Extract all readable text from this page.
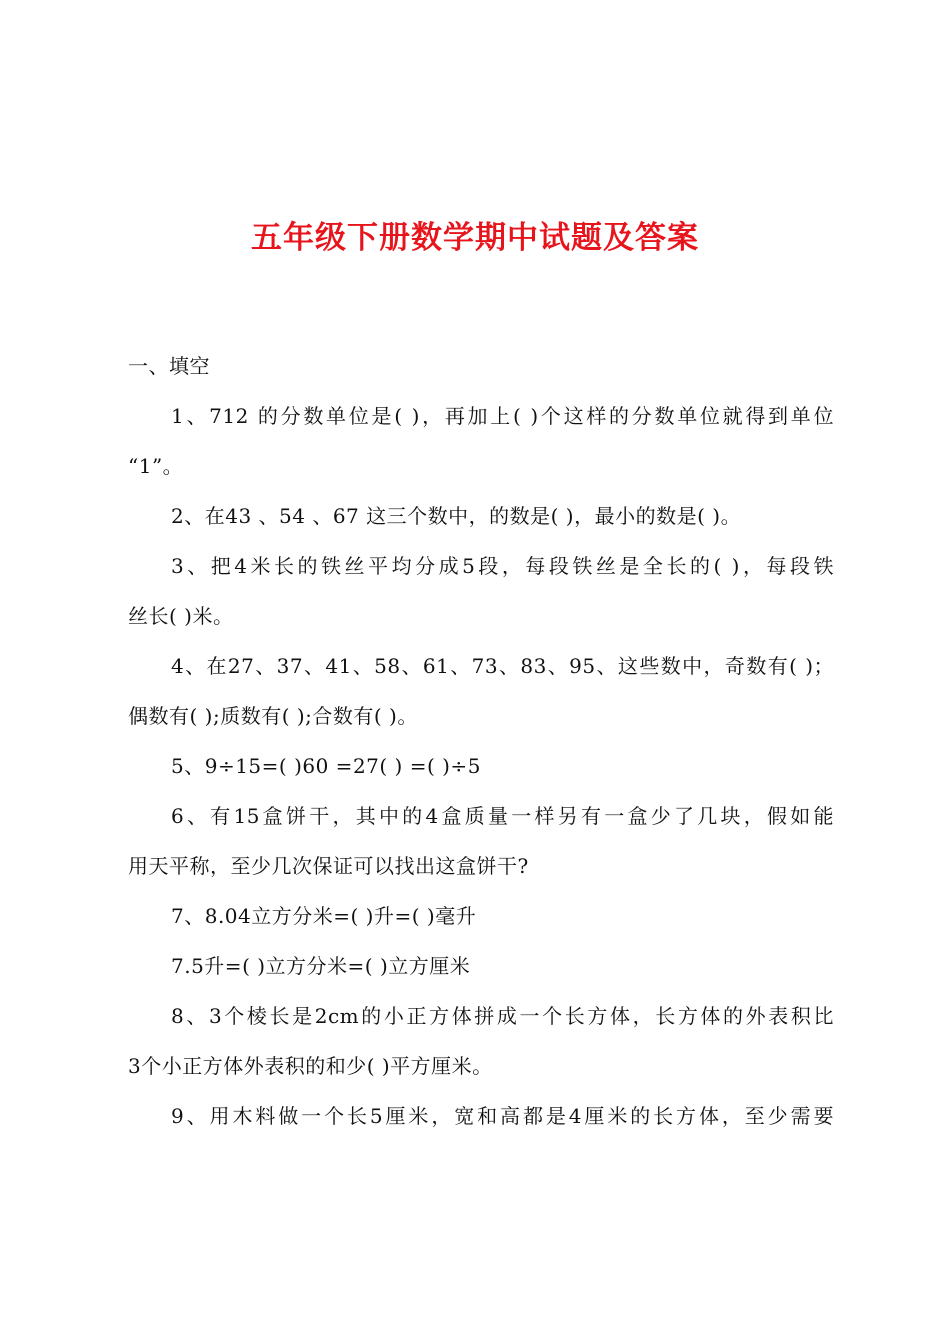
五年级下册数学期中试题及答案
一、填空
1、712 的分数单位是( )，再加上( )个这样的分数单位就得到单位
“1”。
2、在43 、54 、67 这三个数中，的数是( )，最小的数是( )。
3、把4米长的铁丝平均分成5段，每段铁丝是全长的( )，每段铁
丝长( )米。
4、在27、37、41、58、61、73、83、95、这些数中，奇数有( )；
偶数有( );质数有( );合数有( )。
5、9÷15=( )60 =27( ) =( )÷5
6、有15盒饼干，其中的4盒质量一样另有一盒少了几块，假如能
用天平称，至少几次保证可以找出这盒饼干?
7、8.04立方分米=( )升=( )毫升
7.5升=( )立方分米=( )立方厘米
8、3个棱长是2cm的小正方体拼成一个长方体，长方体的外表积比
3个小正方体外表积的和少( )平方厘米。
9、用木料做一个长5厘米，宽和高都是4厘米的长方体，至少需要
